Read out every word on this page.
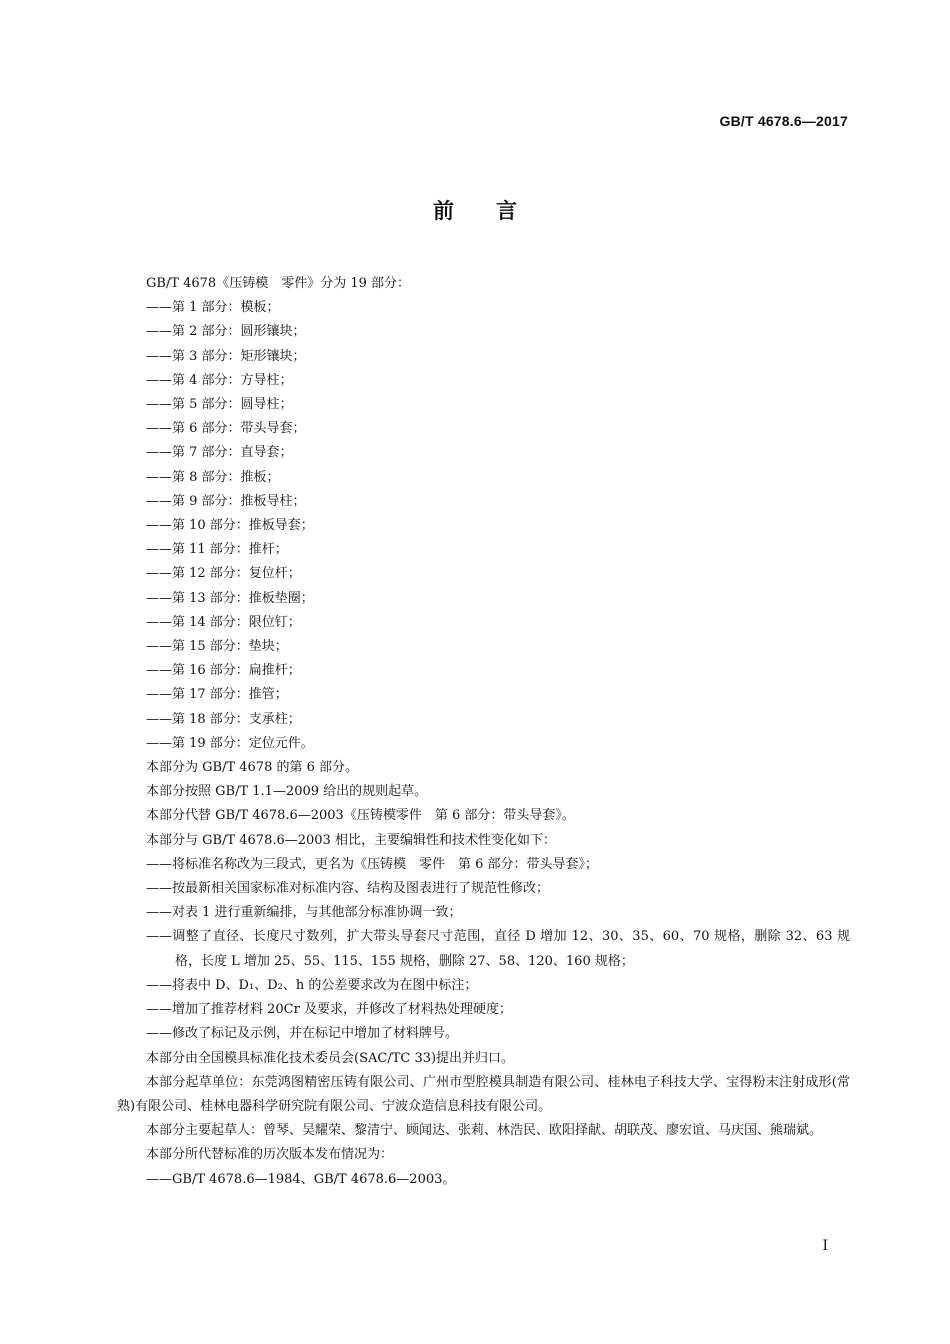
GB/T 4678.6—2017
前 言

GB/T 4678《压铸模　零件》分为 19 部分：

——第 1 部分：模板；

——第 2 部分：圆形镶块；

——第 3 部分：矩形镶块；

——第 4 部分：方导柱；

——第 5 部分：圆导柱；

——第 6 部分：带头导套；

——第 7 部分：直导套；

——第 8 部分：推板；

——第 9 部分：推板导柱；

——第 10 部分：推板导套；

——第 11 部分：推杆；

——第 12 部分：复位杆；

——第 13 部分：推板垫圈；

——第 14 部分：限位钉；

——第 15 部分：垫块；

——第 16 部分：扁推杆；

——第 17 部分：推管；

——第 18 部分：支承柱；

——第 19 部分：定位元件。

本部分为 GB/T 4678 的第 6 部分。

本部分按照 GB/T 1.1—2009 给出的规则起草。

本部分代替 GB/T 4678.6—2003《压铸模零件　第 6 部分：带头导套》。

本部分与 GB/T 4678.6—2003 相比，主要编辑性和技术性变化如下：

——将标准名称改为三段式，更名为《压铸模　零件　第 6 部分：带头导套》；

——按最新相关国家标准对标准内容、结构及图表进行了规范性修改；

——对表 1 进行重新编排，与其他部分标准协调一致；

——调整了直径、长度尺寸数列，扩大带头导套尺寸范围，直径 D 增加 12、30、35、60、70 规格，删除 32、63 规格，长度 L 增加 25、55、115、155 规格，删除 27、58、120、160 规格；

——将表中 D、D₁、D₂、h 的公差要求改为在图中标注；

——增加了推荐材料 20Cr 及要求，并修改了材料热处理硬度；

——修改了标记及示例，并在标记中增加了材料牌号。

本部分由全国模具标准化技术委员会(SAC/TC 33)提出并归口。

本部分起草单位：东莞鸿图精密压铸有限公司、广州市型腔模具制造有限公司、桂林电子科技大学、宝得粉末注射成形(常熟)有限公司、桂林电器科学研究院有限公司、宁波众造信息科技有限公司。

本部分主要起草人：曾琴、吴耀荣、黎清宁、顾闻达、张莉、林浩民、欧阳择献、胡联茂、廖宏谊、马庆国、熊瑞斌。

本部分所代替标准的历次版本发布情况为：

——GB/T 4678.6—1984、GB/T 4678.6—2003。

I
